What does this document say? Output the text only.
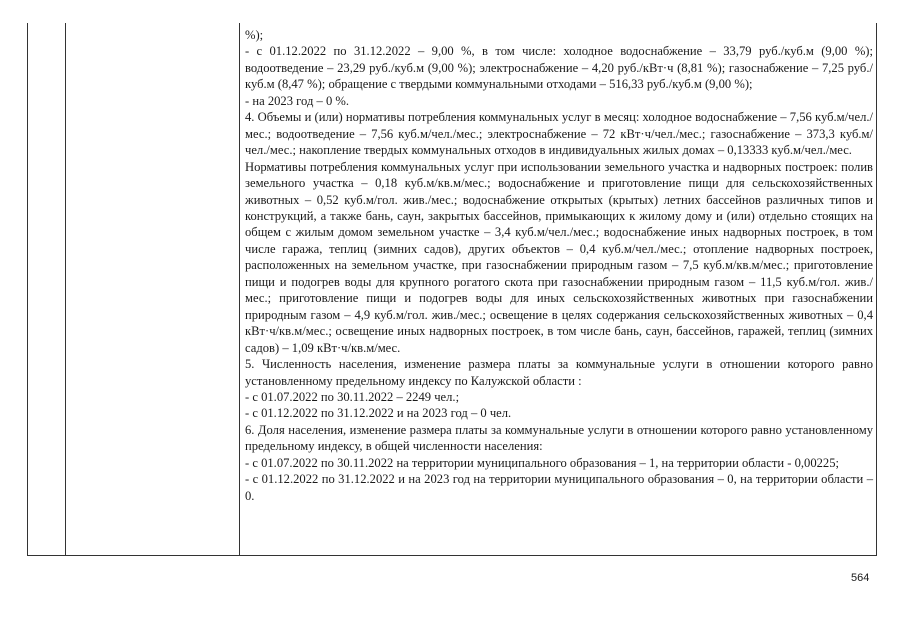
%);

- с 01.12.2022 по 31.12.2022 – 9,00 %, в том числе: холодное водоснабжение – 33,79 руб./куб.м (9,00 %); водоотведение – 23,29 руб./куб.м (9,00 %); электроснабжение – 4,20 руб./кВт·ч (8,81 %); газоснабжение – 7,25 руб./куб.м (8,47 %); обращение с твердыми коммунальными отходами – 516,33 руб./куб.м (9,00 %);

- на 2023 год – 0 %.

4. Объемы и (или) нормативы потребления коммунальных услуг в месяц: холодное водоснабжение – 7,56 куб.м/чел./мес.; водоотведение – 7,56 куб.м/чел./мес.; электроснабжение – 72 кВт·ч/чел./мес.; газоснабжение – 373,3 куб.м/чел./мес.; накопление твердых коммунальных отходов в индивидуальных жилых домах – 0,13333 куб.м/чел./мес.

Нормативы потребления коммунальных услуг при использовании земельного участка и надворных построек: полив земельного участка – 0,18 куб.м/кв.м/мес.; водоснабжение и приготовление пищи для сельскохозяйственных животных – 0,52 куб.м/гол. жив./мес.; водоснабжение открытых (крытых) летних бассейнов различных типов и конструкций, а также бань, саун, закрытых бассейнов, примыкающих к жилому дому и (или) отдельно стоящих на общем с жилым домом земельном участке – 3,4 куб.м/чел./мес.; водоснабжение иных надворных построек, в том числе гаража, теплиц (зимних садов), других объектов – 0,4 куб.м/чел./мес.; отопление надворных построек, расположенных на земельном участке, при газоснабжении природным газом – 7,5 куб.м/кв.м/мес.; приготовление пищи и подогрев воды для крупного рогатого скота при газоснабжении природным газом – 11,5 куб.м/гол. жив./мес.; приготовление пищи и подогрев воды для иных сельскохозяйственных животных при газоснабжении природным газом – 4,9 куб.м/гол. жив./мес.; освещение в целях содержания сельскохозяйственных животных – 0,4 кВт·ч/кв.м/мес.; освещение иных надворных построек, в том числе бань, саун, бассейнов, гаражей, теплиц (зимних садов) – 1,09 кВт·ч/кв.м/мес.

5. Численность населения, изменение размера платы за коммунальные услуги в отношении которого равно установленному предельному индексу по Калужской области :

- с 01.07.2022 по 30.11.2022 – 2249 чел.;

- с 01.12.2022 по 31.12.2022 и на 2023 год – 0 чел.

6. Доля населения, изменение размера платы за коммунальные услуги в отношении которого равно установленному предельному индексу, в общей численности населения:

- с 01.07.2022 по 30.11.2022 на территории муниципального образования – 1, на территории области - 0,00225;

- с 01.12.2022 по 31.12.2022 и на 2023 год на территории муниципального образования – 0, на территории области – 0.

564
